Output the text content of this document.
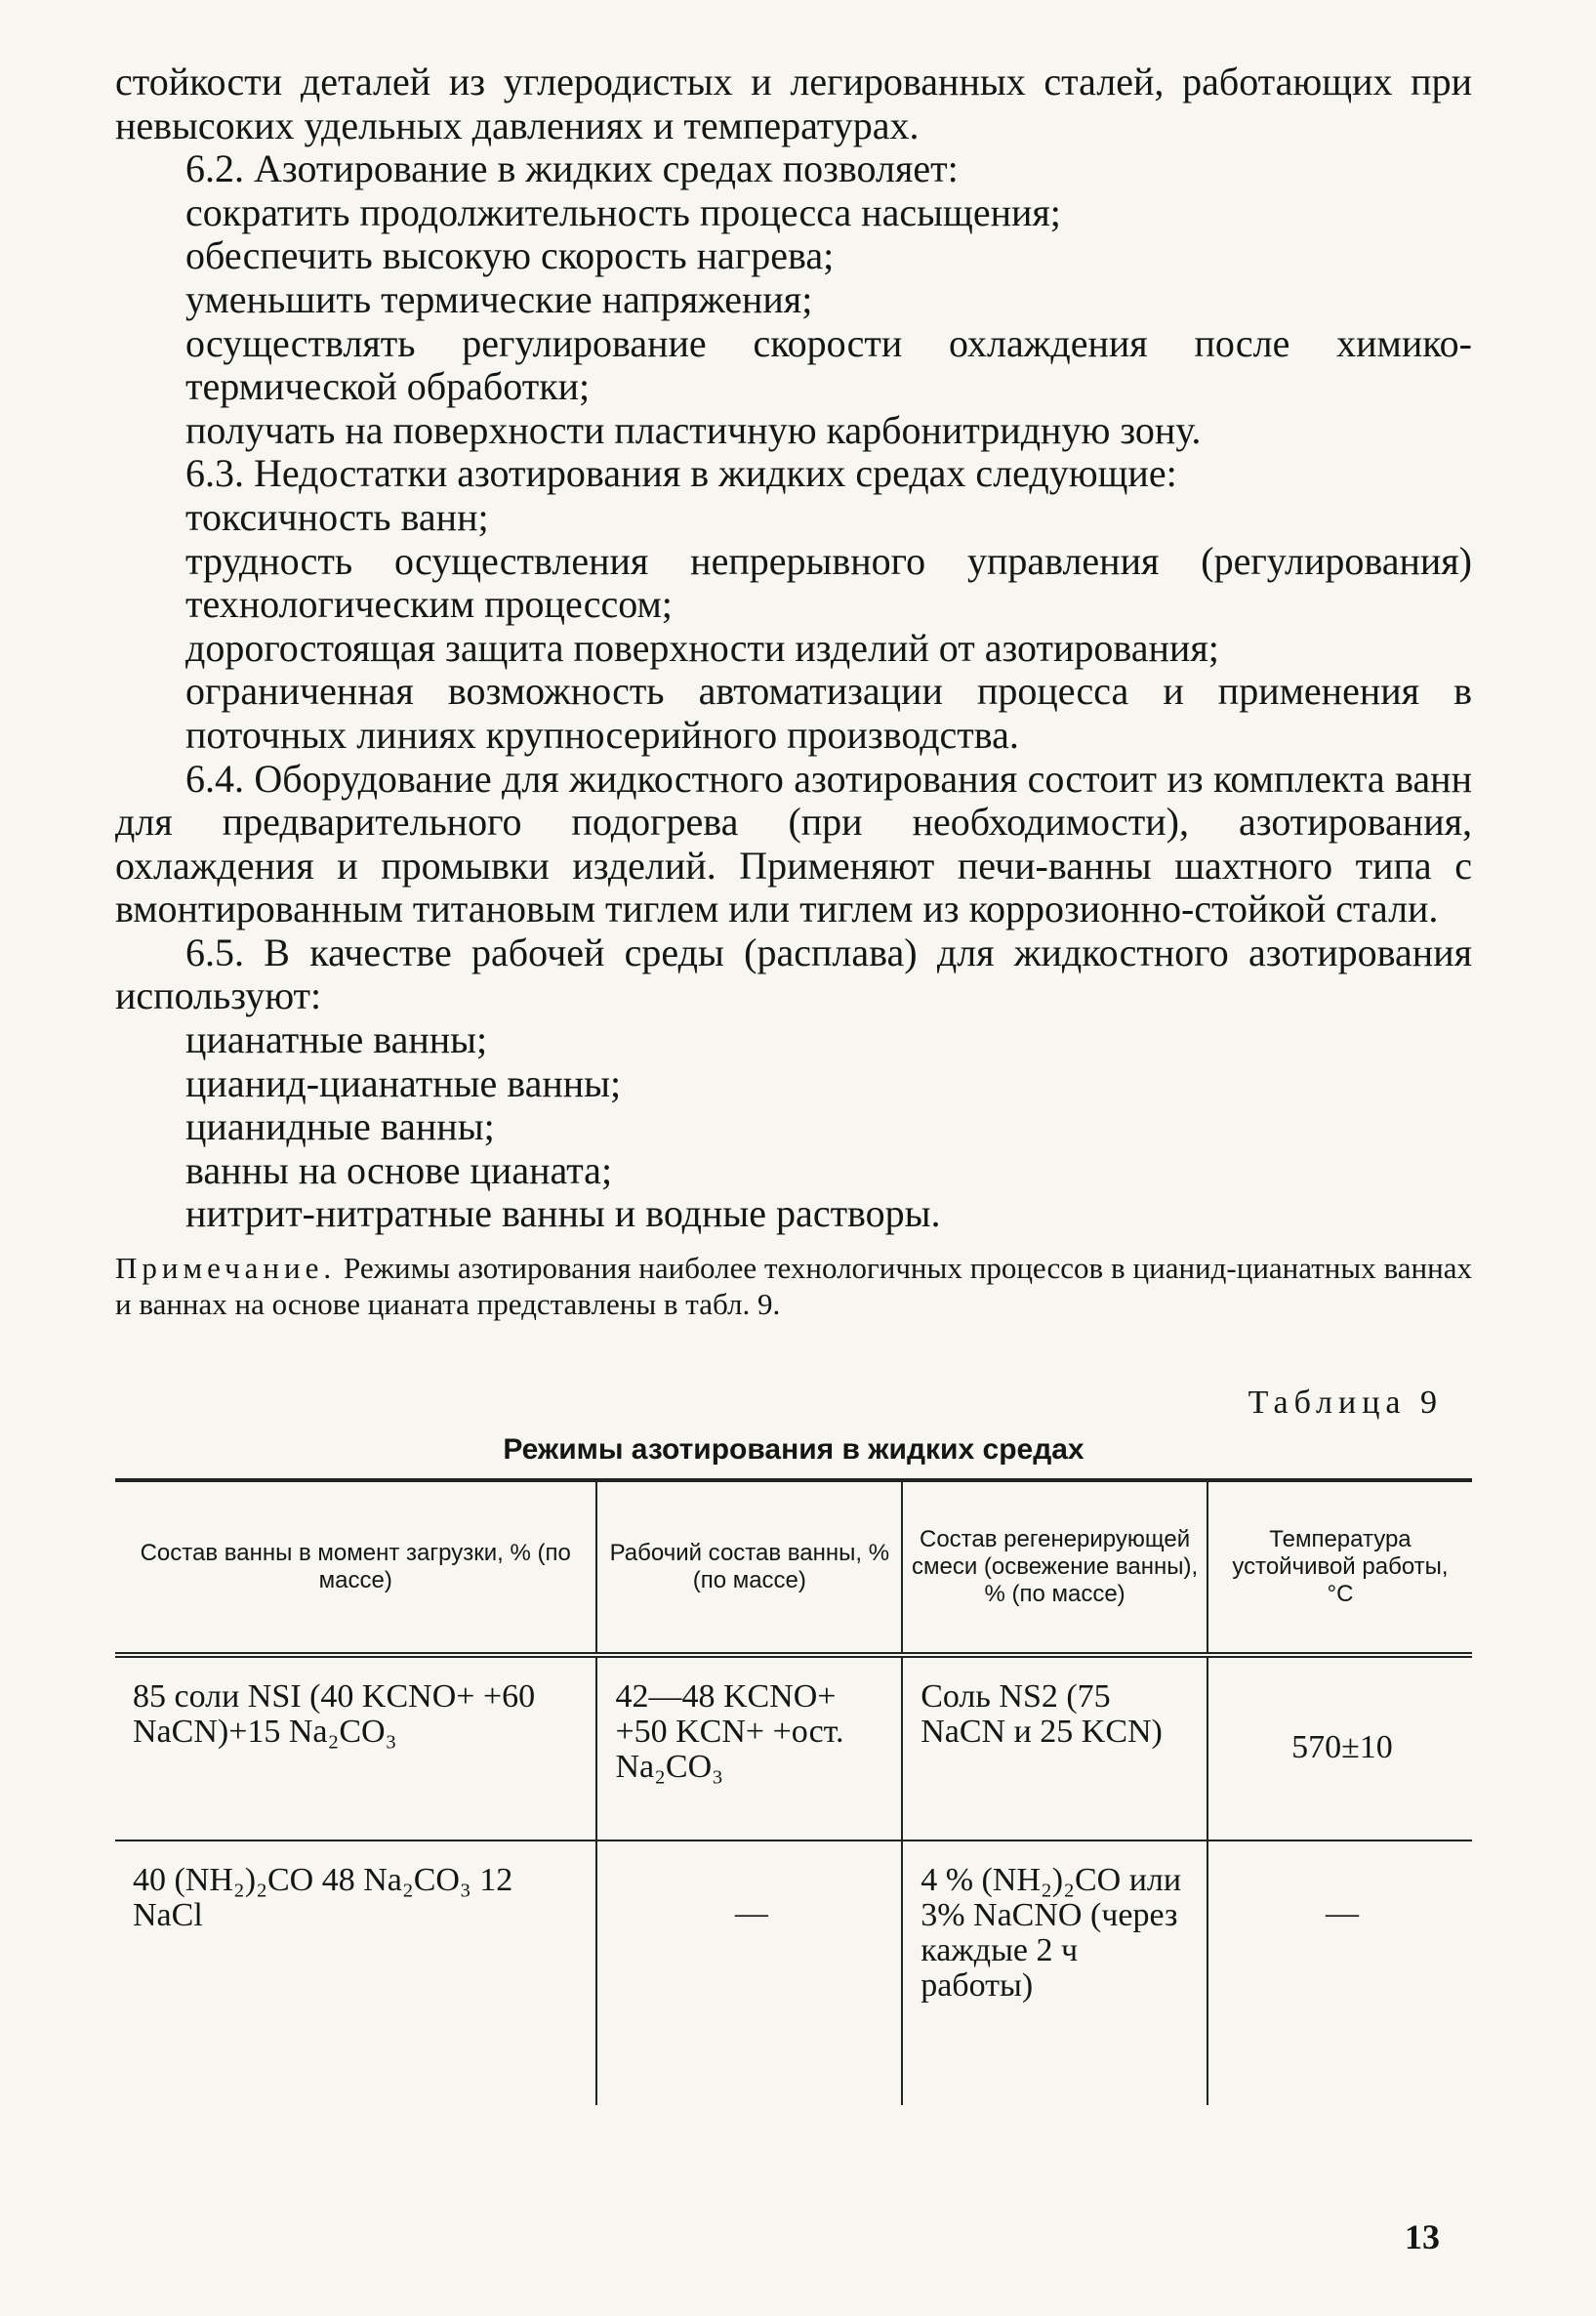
стойкости деталей из углеродистых и легированных сталей, работающих при невысоких удельных давлениях и температурах.

6.2. Азотирование в жидких средах позволяет:

сократить продолжительность процесса насыщения;

обеспечить высокую скорость нагрева;

уменьшить термические напряжения;

осуществлять регулирование скорости охлаждения после химико-термической обработки;

получать на поверхности пластичную карбонитридную зону.

6.3. Недостатки азотирования в жидких средах следующие:

токсичность ванн;

трудность осуществления непрерывного управления (регулирования) технологическим процессом;

дорогостоящая защита поверхности изделий от азотирования;

ограниченная возможность автоматизации процесса и применения в поточных линиях крупносерийного производства.

6.4. Оборудование для жидкостного азотирования состоит из комплекта ванн для предварительного подогрева (при необходимости), азотирования, охлаждения и промывки изделий. Применяют печи-ванны шахтного типа с вмонтированным титановым тиглем или тиглем из коррозионно-стойкой стали.

6.5. В качестве рабочей среды (расплава) для жидкостного азотирования используют:

цианатные ванны;

цианид-цианатные ванны;

цианидные ванны;

ванны на основе цианата;

нитрит-нитратные ванны и водные растворы.

Примечание. Режимы азотирования наиболее технологичных процессов в цианид-цианатных ваннах и ваннах на основе цианата представлены в табл. 9.
Таблица 9
Режимы азотирования в жидких средах
Состав ванны в момент загрузки, % (по массе)	Рабочий состав ванны, % (по массе)	Состав регенерирующей смеси (освежение ванны), % (по массе)	Температура устойчивой работы, °С
85 соли NSI (40 KCNO+ +60 NaCN)+15 Na₂CO₃	42—48 KCNO+ +50 KCN+ +ост. Na₂CO₃	Соль NS2 (75 NaCN и 25 KCN)	570±10
40 (NH₂)₂CO 48 Na₂CO₃ 12 NaCl	—	4 % (NH₂)₂CO или 3% NaCNO (через каждые 2 ч работы)	—
13
